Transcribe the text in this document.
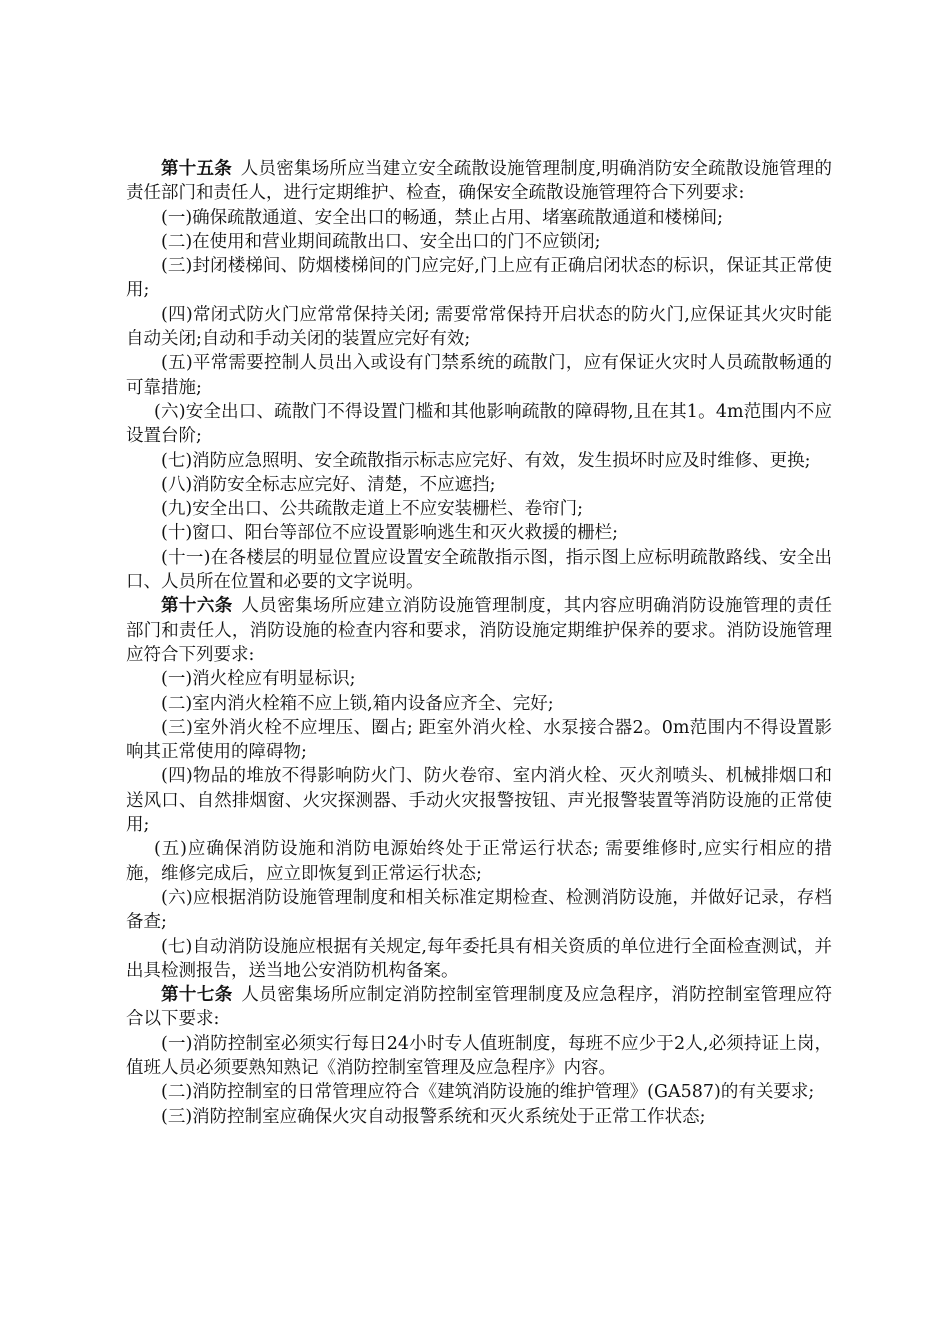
第十五条 人员密集场所应当建立安全疏散设施管理制度,明确消防安全疏散设施管理的责任部门和责任人，进行定期维护、检查，确保安全疏散设施管理符合下列要求:

(一)确保疏散通道、安全出口的畅通，禁止占用、堵塞疏散通道和楼梯间;

(二)在使用和营业期间疏散出口、安全出口的门不应锁闭;

(三)封闭楼梯间、防烟楼梯间的门应完好,门上应有正确启闭状态的标识，保证其正常使用;

(四)常闭式防火门应常常保持关闭; 需要常常保持开启状态的防火门,应保证其火灾时能自动关闭;自动和手动关闭的装置应完好有效;

(五)平常需要控制人员出入或设有门禁系统的疏散门，应有保证火灾时人员疏散畅通的可靠措施;

(六)安全出口、疏散门不得设置门槛和其他影响疏散的障碍物,且在其1。4m范围内不应设置台阶;

(七)消防应急照明、安全疏散指示标志应完好、有效，发生损坏时应及时维修、更换;

(八)消防安全标志应完好、清楚，不应遮挡;

(九)安全出口、公共疏散走道上不应安装栅栏、卷帘门;

(十)窗口、阳台等部位不应设置影响逃生和灭火救援的栅栏;

(十一)在各楼层的明显位置应设置安全疏散指示图，指示图上应标明疏散路线、安全出口、人员所在位置和必要的文字说明。

第十六条 人员密集场所应建立消防设施管理制度，其内容应明确消防设施管理的责任部门和责任人，消防设施的检查内容和要求，消防设施定期维护保养的要求。消防设施管理应符合下列要求:

(一)消火栓应有明显标识;

(二)室内消火栓箱不应上锁,箱内设备应齐全、完好;

(三)室外消火栓不应埋压、圈占; 距室外消火栓、水泵接合器2。0m范围内不得设置影响其正常使用的障碍物;

(四)物品的堆放不得影响防火门、防火卷帘、室内消火栓、灭火剂喷头、机械排烟口和送风口、自然排烟窗、火灾探测器、手动火灾报警按钮、声光报警装置等消防设施的正常使用;

(五)应确保消防设施和消防电源始终处于正常运行状态; 需要维修时,应实行相应的措施，维修完成后，应立即恢复到正常运行状态;

(六)应根据消防设施管理制度和相关标准定期检查、检测消防设施，并做好记录，存档备查;

(七)自动消防设施应根据有关规定,每年委托具有相关资质的单位进行全面检查测试，并出具检测报告，送当地公安消防机构备案。

第十七条 人员密集场所应制定消防控制室管理制度及应急程序，消防控制室管理应符合以下要求:

(一)消防控制室必须实行每日24小时专人值班制度，每班不应少于2人,必须持证上岗，值班人员必须要熟知熟记《消防控制室管理及应急程序》内容。

(二)消防控制室的日常管理应符合《建筑消防设施的维护管理》(GA587)的有关要求;

(三)消防控制室应确保火灾自动报警系统和灭火系统处于正常工作状态;
